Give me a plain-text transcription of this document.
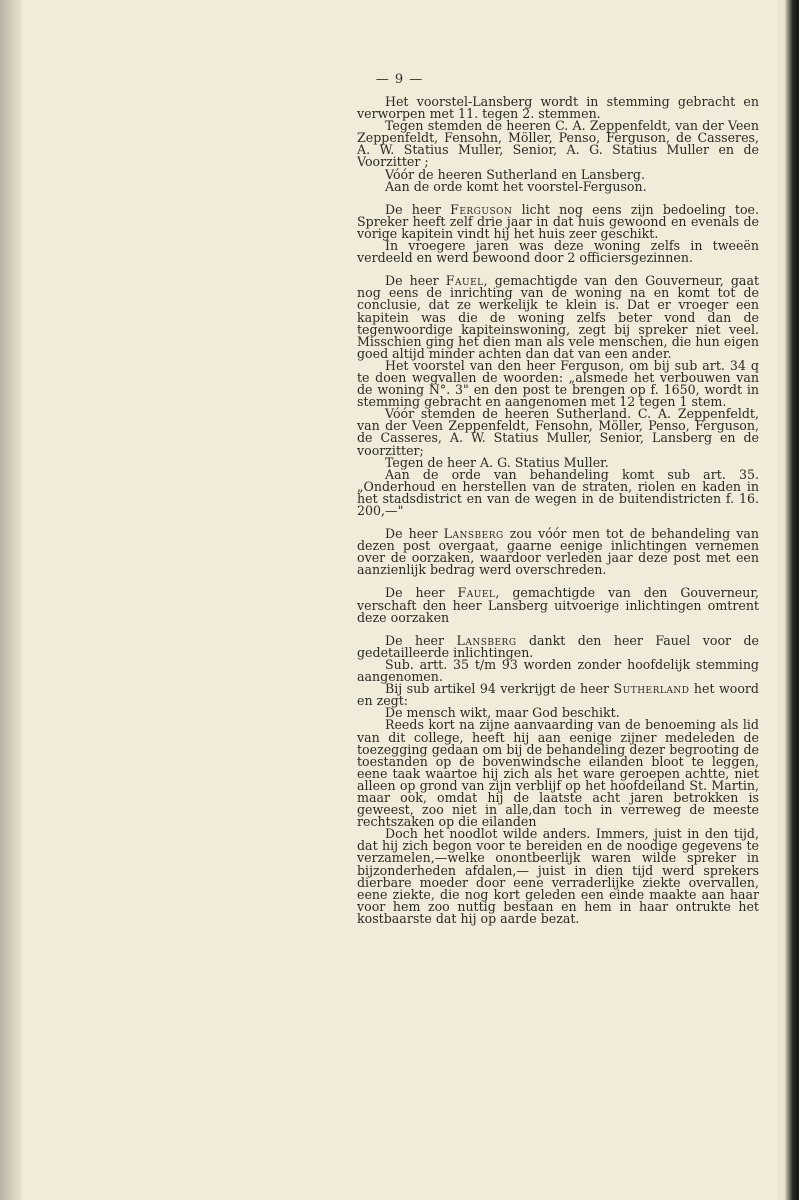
— 9 —

Het voorstel-Lansberg wordt in stemming gebracht en verworpen met 11. tegen 2. stemmen.

Tegen stemden de heeren C. A. Zeppenfeldt, van der Veen Zeppenfeldt, Fensohn, Möller, Penso, Ferguson, de Casseres, A. W. Statius Muller, Senior, A. G. Statius Muller en de Voorzitter ;

Vóór de heeren Sutherland en Lansberg.

Aan de orde komt het voorstel-Ferguson.

De heer Ferguson licht nog eens zijn bedoeling toe. Spreker heeft zelf drie jaar in dat huis gewoond en evenals de vorige kapitein vindt hij het huis zeer geschikt.

In vroegere jaren was deze woning zelfs in tweeën verdeeld en werd bewoond door 2 officiersgezinnen.

De heer Fauel, gemachtigde van den Gouverneur, gaat nog eens de inrichting van de woning na en komt tot de conclusie, dat ze werkelijk te klein is. Dat er vroeger een kapitein was die de woning zelfs beter vond dan de tegenwoordige kapiteinswoning, zegt bij spreker niet veel. Misschien ging het dien man als vele menschen, die hun eigen goed altijd minder achten dan dat van een ander.

Het voorstel van den heer Ferguson, om bij sub art. 34 q te doen wegvallen de woorden: „alsmede het verbouwen van de woning N°. 3" en den post te brengen op f. 1650, wordt in stemming gebracht en aangenomen met 12 tegen 1 stem.

Vóór stemden de heeren Sutherland. C. A. Zeppenfeldt, van der Veen Zeppenfeldt, Fensohn, Möller, Penso, Ferguson, de Casseres, A. W. Statius Muller, Senior, Lansberg en de voorzitter;

Tegen de heer A. G. Statius Muller.

Aan de orde van behandeling komt sub art. 35. „Onderhoud en herstellen van de straten, riolen en kaden in het stadsdistrict en van de wegen in de buitendistricten f. 16. 200,—"

De heer Lansberg zou vóór men tot de behandeling van dezen post overgaat, gaarne eenige inlichtingen vernemen over de oorzaken, waardoor verleden jaar deze post met een aanzienlijk bedrag werd overschreden.

De heer Fauel, gemachtigde van den Gouverneur, verschaft den heer Lansberg uitvoerige inlichtingen omtrent deze oorzaken

De heer Lansberg dankt den heer Fauel voor de gedetailleerde inlichtingen.

Sub. artt. 35 t/m 93 worden zonder hoofdelijk stemming aangenomen.

Bij sub artikel 94 verkrijgt de heer Sutherland het woord en zegt:

De mensch wikt, maar God beschikt.

Reeds kort na zijne aanvaarding van de benoeming als lid van dit college, heeft hij aan eenige zijner medeleden de toezegging gedaan om bij de behandeling dezer begrooting de toestanden op de bovenwindsche eilanden bloot te leggen, eene taak waartoe hij zich als het ware geroepen achtte, niet alleen op grond van zijn verblijf op het hoofdeiland St. Martin, maar ook, omdat hij de laatste acht jaren betrokken is geweest, zoo niet in alle,dan toch in verreweg de meeste rechtszaken op die eilanden

Doch het noodlot wilde anders. Immers, juist in den tijd, dat hij zich begon voor te bereiden en de noodige gegevens te verzamelen,—welke onontbeerlijk waren wilde spreker in bijzonderheden afdalen,— juist in dien tijd werd sprekers dierbare moeder door eene verraderlijke ziekte overvallen, eene ziekte, die nog kort geleden een einde maakte aan haar voor hem zoo nuttig bestaan en hem in haar ontrukte het kostbaarste dat hij op aarde bezat.
